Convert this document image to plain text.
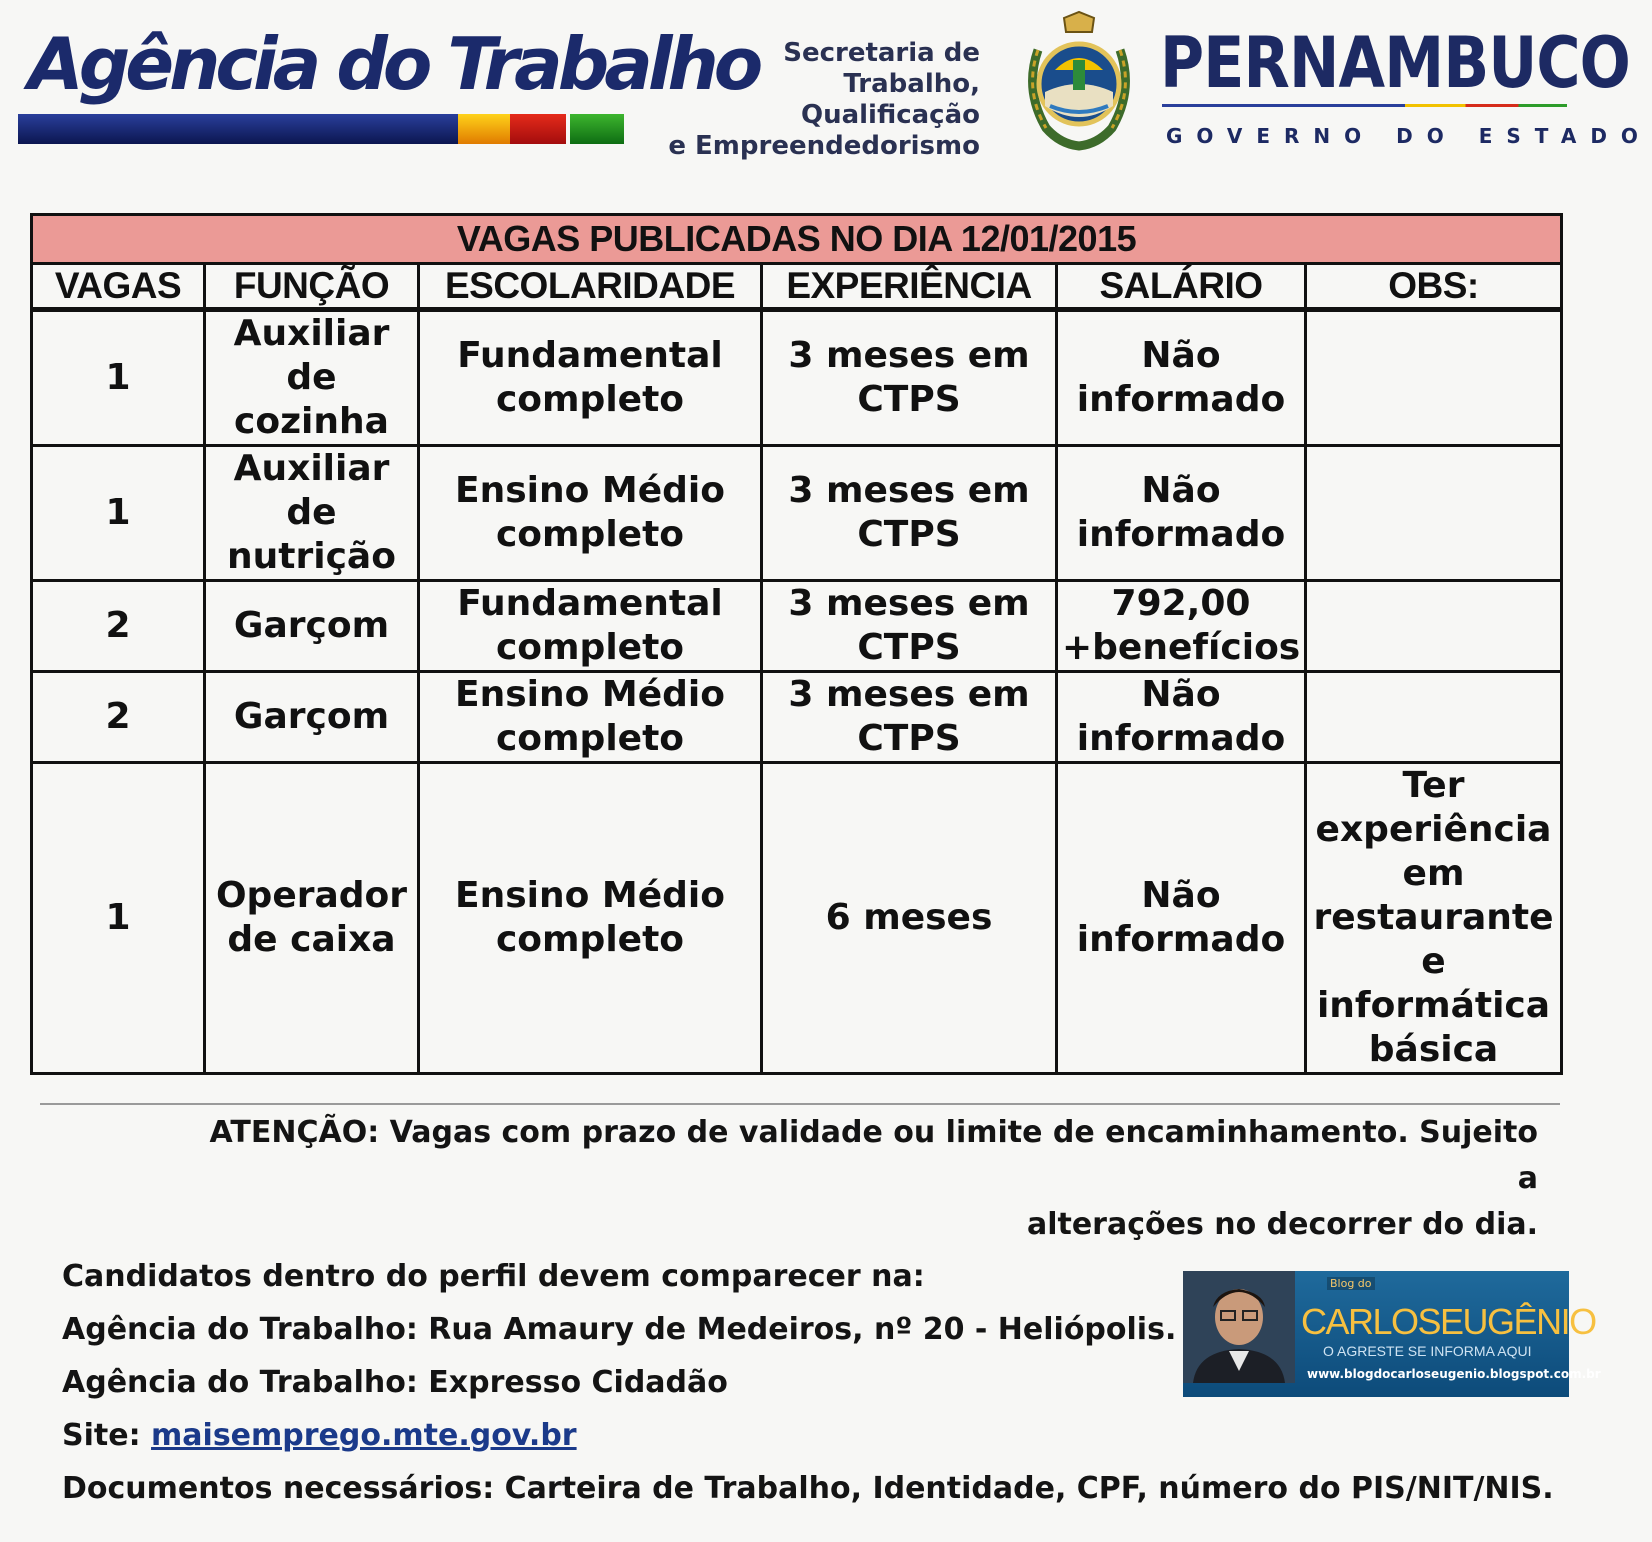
Agência do Trabalho Secretaria de
Trabalho, Qualificação
e Empreendedorismo
PERNAMBUCO
GOVERNO DO ESTADO
VAGAS PUBLICADAS NO DIA 12/01/2015					
VAGAS	FUNÇÃO	ESCOLARIDADE	EXPERIÊNCIA	SALÁRIO	OBS:
1	Auxiliar de cozinha	Fundamental completo	3 meses em CTPS	Não informado	
1	Auxiliar de nutrição	Ensino Médio completo	3 meses em CTPS	Não informado	
2	Garçom	Fundamental completo	3 meses em CTPS	792,00 +benefícios	
2	Garçom	Ensino Médio completo	3 meses em CTPS	Não informado	
1	Operador de caixa	Ensino Médio completo	6 meses	Não informado	Ter experiência em restaurante e informática básica
ATENÇÃO: Vagas com prazo de validade ou limite de encaminhamento. Sujeito a
alterações no decorrer do dia.
Candidatos dentro do perfil devem comparecer na:
Agência do Trabalho: Rua Amaury de Medeiros, nº 20 - Heliópolis.
Agência do Trabalho: Expresso Cidadão
Site: maisemprego.mte.gov.br
Documentos necessários: Carteira de Trabalho, Identidade, CPF, número do PIS/NIT/NIS.
Blog do
CARLOSEUGÊNIO
O AGRESTE SE INFORMA AQUI
www.blogdocarloseugenio.blogspot.com.br
